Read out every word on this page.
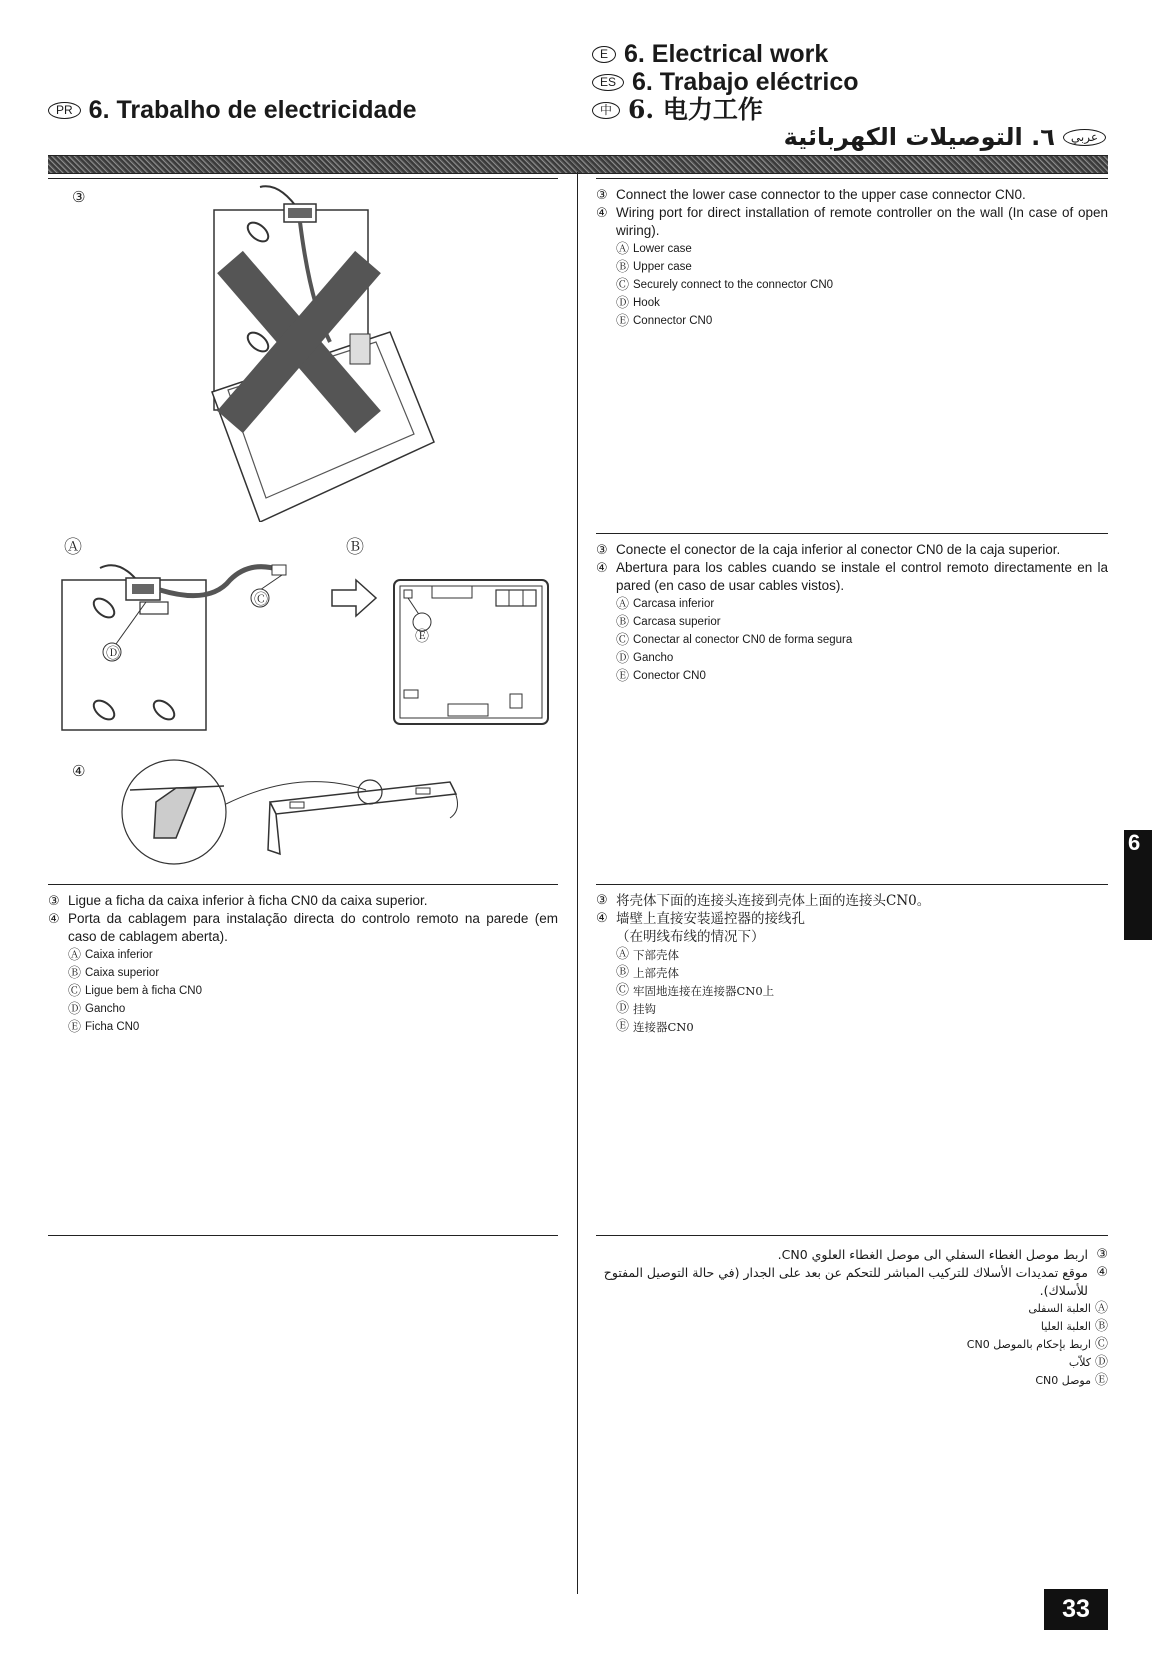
E 6. Electrical work
ES 6. Trabajo eléctrico
中 6. 电力工作
PR 6. Trabalho de electricidade
عربي٦. التوصيلات الكهربائية
③
Ⓐ	Ⓑ
④
Ⓓ
Ⓒ
Ⓔ
③ Connect the lower case connector to the upper case connector CN0.
④ Wiring port for direct installation of remote controller on the wall (In case of open wiring).
Ⓐ Lower case
Ⓑ Upper case
Ⓒ Securely connect to the connector CN0
Ⓓ Hook
Ⓔ Connector CN0
③ Conecte el conector de la caja inferior al conector CN0 de la caja superior.
④ Abertura para los cables cuando se instale el control remoto directamente en la pared (en caso de usar cables vistos).
Ⓐ Carcasa inferior
Ⓑ Carcasa superior
Ⓒ Conectar al conector CN0 de forma segura
Ⓓ Gancho
Ⓔ Conector CN0
③ Ligue a ficha da caixa inferior à ficha CN0 da caixa superior.
④ Porta da cablagem para instalação directa do controlo remoto na parede (em caso de cablagem aberta).
Ⓐ Caixa inferior
Ⓑ Caixa superior
Ⓒ Ligue bem à ficha CN0
Ⓓ Gancho
Ⓔ Ficha CN0
③ 将壳体下面的连接头连接到壳体上面的连接头CN0。
④ 墙壁上直接安装遥控器的接线孔
（在明线布线的情况下）
Ⓐ 下部壳体
Ⓑ 上部壳体
Ⓒ 牢固地连接在连接器CN0上
Ⓓ 挂钩
Ⓔ 连接器CN0
③
اربط موصل الغطاء السفلي الى موصل الغطاء العلوي CN0.
④
موقع تمديدات الأسلاك للتركيب المباشر للتحكم عن بعد على الجدار (في حالة التوصيل المفتوح للأسلاك).
Ⓐ
العلبة السفلى
Ⓑ
العلبة العليا
Ⓒ
اربط بإحكام بالموصل CN0
Ⓓ
كلاّب
Ⓔ
موصل CN0
6
33
